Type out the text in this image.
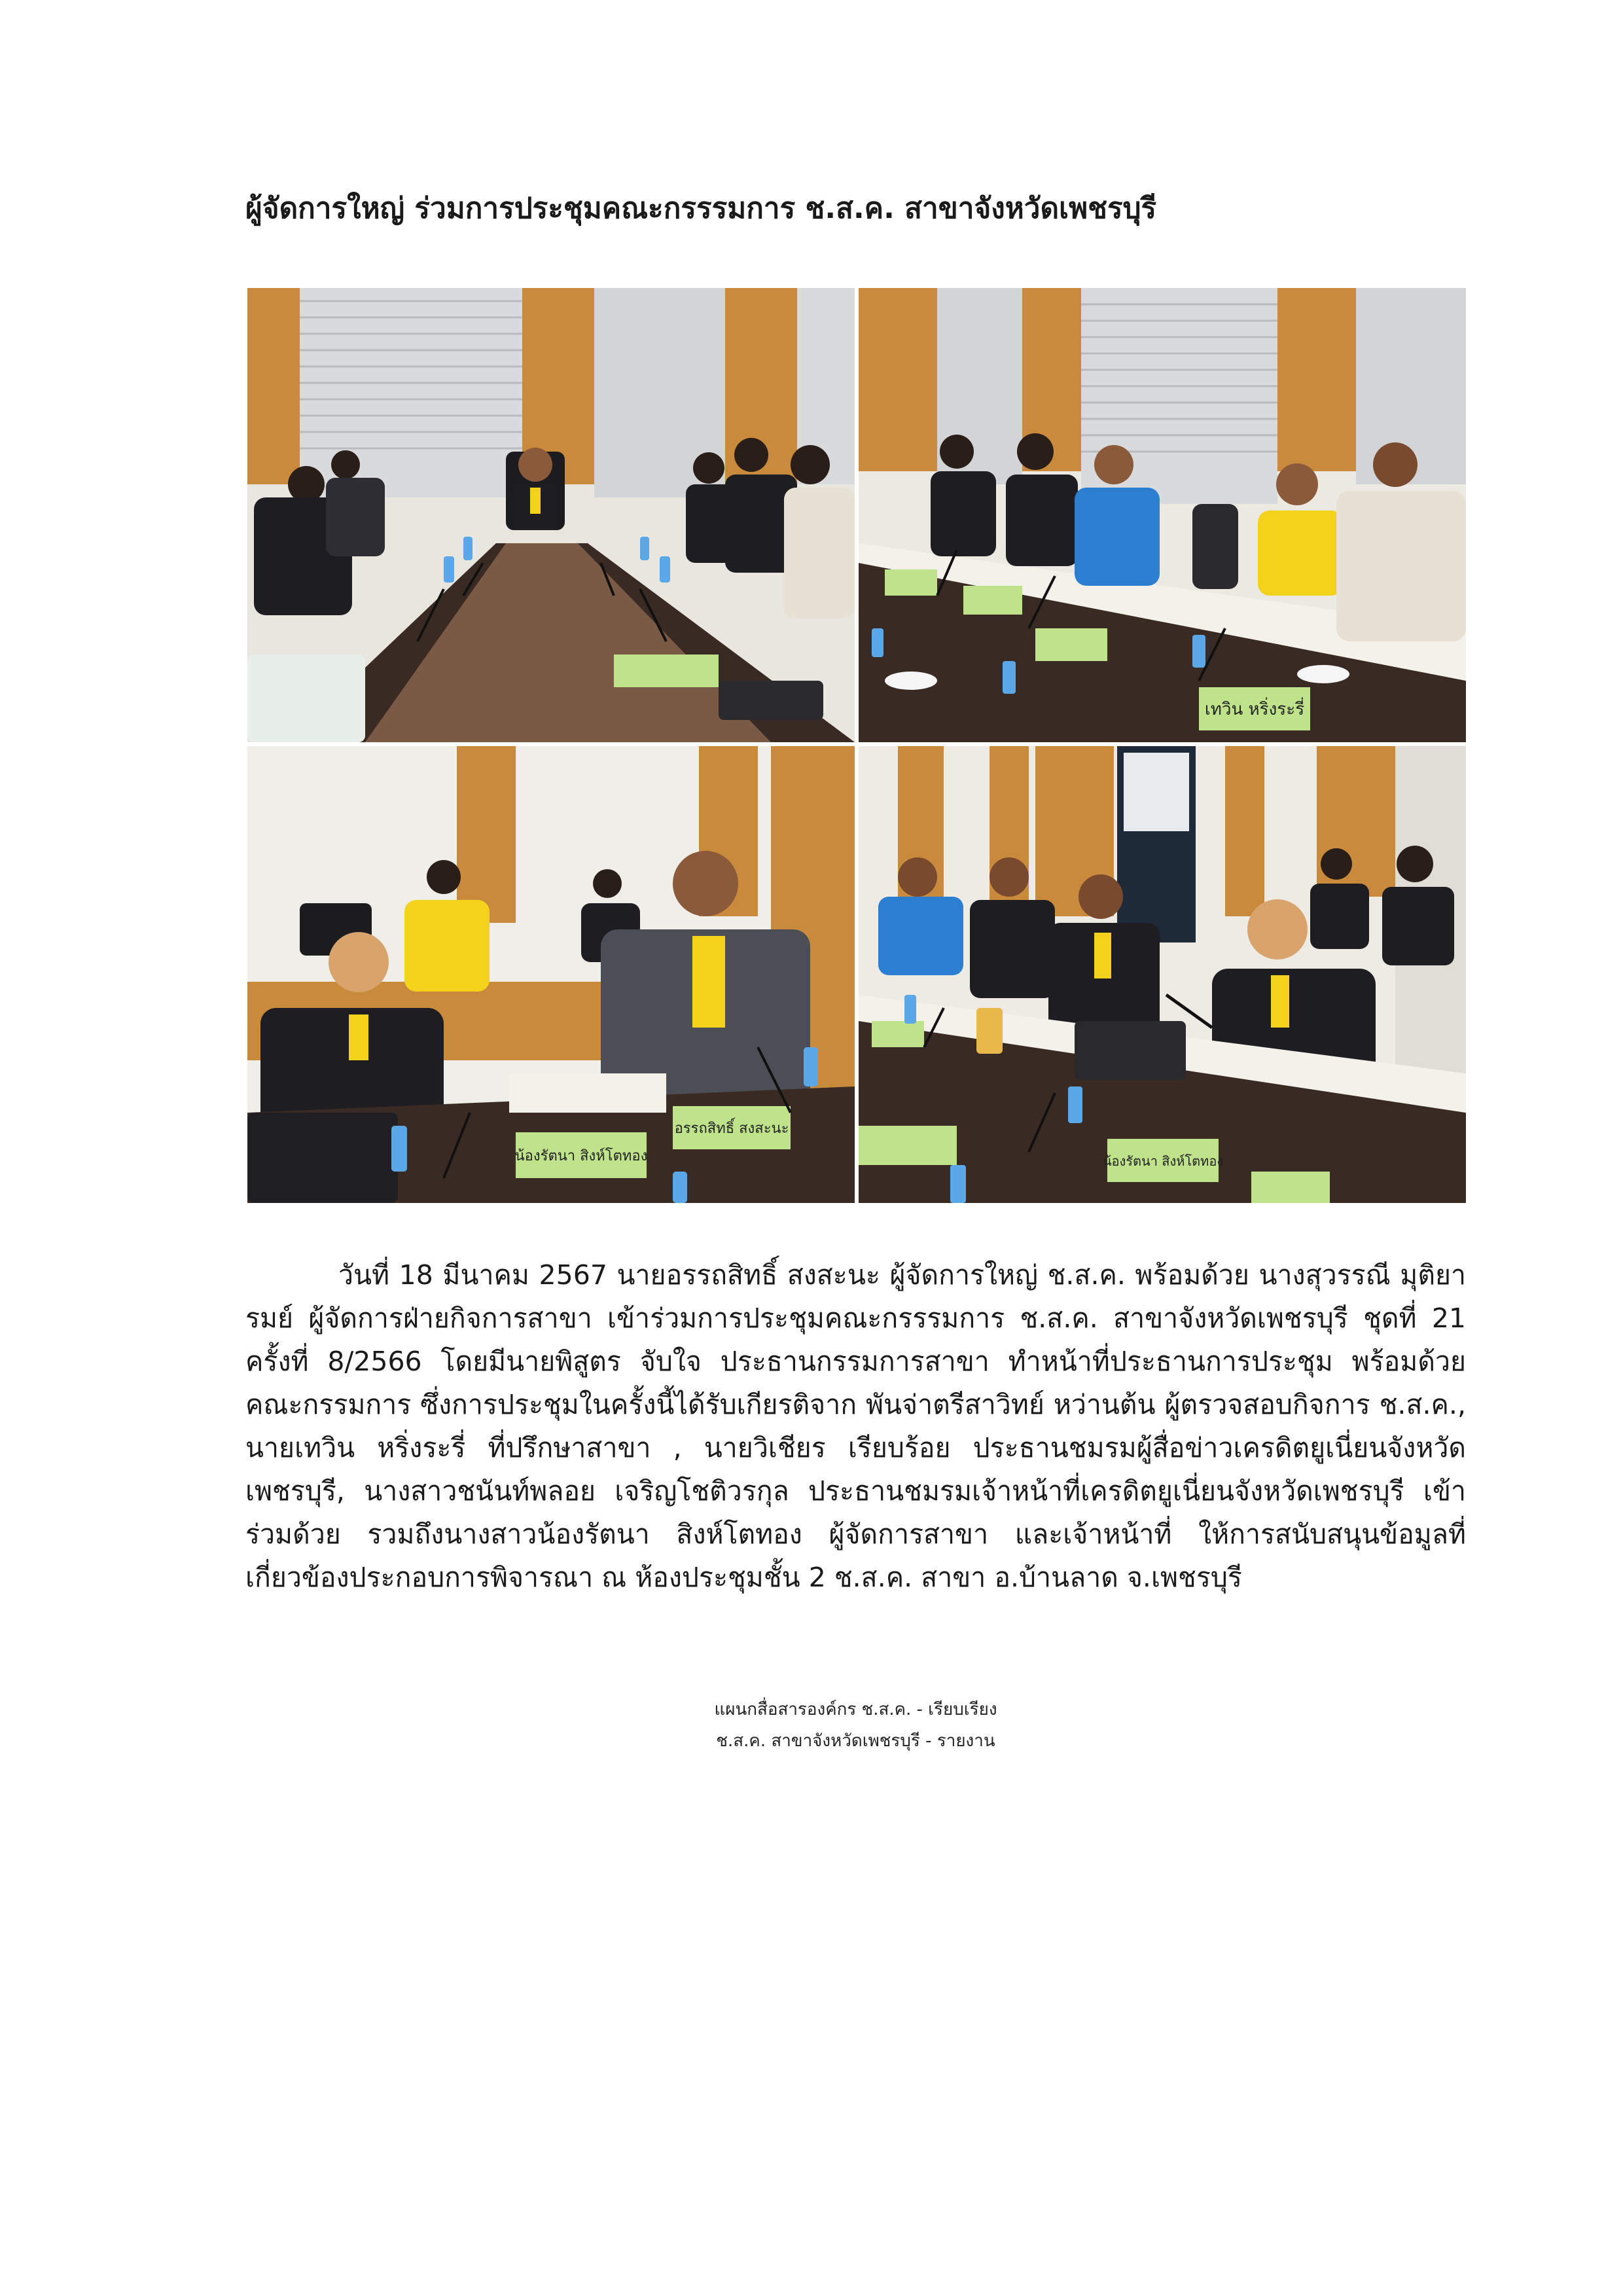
ผู้จัดการใหญ่ ร่วมการประชุมคณะกรรรมการ ช.ส.ค. สาขาจังหวัดเพชรบุรี
เทวิน หริ่งระรี่
น้องรัตนา สิงห์โตทอง
อรรถสิทธิ์ สงสะนะ
น้องรัตนา สิงห์โตทอง

วันที่ 18 มีนาคม 2567 นายอรรถสิทธิ์ สงสะนะ ผู้จัดการใหญ่ ช.ส.ค. พร้อมด้วย นางสุวรรณี มุติยารมย์ ผู้จัดการฝ่ายกิจการสาขา เข้าร่วมการประชุมคณะกรรรมการ ช.ส.ค. สาขาจังหวัดเพชรบุรี ชุดที่ 21 ครั้งที่ 8/2566 โดยมีนายพิสูตร จับใจ ประธานกรรมการสาขา ทำหน้าที่ประธานการประชุม พร้อมด้วย คณะกรรมการ ซึ่งการประชุมในครั้งนี้ได้รับเกียรติจาก พันจ่าตรีสาวิทย์ หว่านต้น ผู้ตรวจสอบกิจการ ช.ส.ค., นายเทวิน หริ่งระรี่ ที่ปรึกษาสาขา , นายวิเชียร เรียบร้อย ประธานชมรมผู้สื่อข่าวเครดิตยูเนี่ยนจังหวัดเพชรบุรี, นางสาวชนันท์พลอย เจริญโชติวรกุล ประธานชมรมเจ้าหน้าที่เครดิตยูเนี่ยนจังหวัดเพชรบุรี เข้าร่วมด้วย รวมถึงนางสาวน้องรัตนา สิงห์โตทอง ผู้จัดการสาขา และเจ้าหน้าที่ ให้การสนับสนุนข้อมูลที่เกี่ยวข้องประกอบการพิจารณา ณ ห้องประชุมชั้น 2 ช.ส.ค. สาขา อ.บ้านลาด จ.เพชรบุรี

แผนกสื่อสารองค์กร ช.ส.ค. - เรียบเรียง
ช.ส.ค. สาขาจังหวัดเพชรบุรี - รายงาน
